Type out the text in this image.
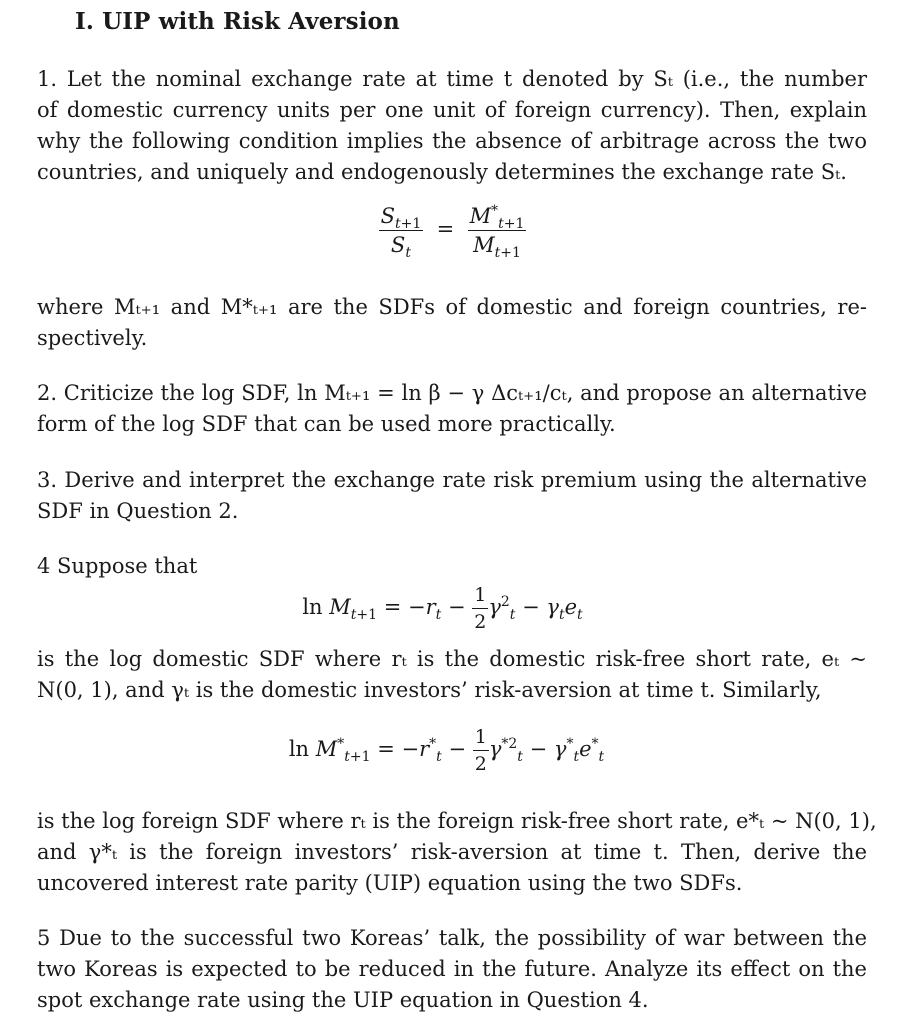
I. UIP with Risk Aversion
1. Let the nominal exchange rate at time t denoted by Sₜ (i.e., the number
of domestic currency units per one unit of foreign currency). Then, explain
why the following condition implies the absence of arbitrage across the two
countries, and uniquely and endogenously determines the exchange rate Sₜ.
$\frac{S_{t+1}}{S_t} = \frac{M^*_{t+1}}{M_{t+1}}$
where Mₜ₊₁ and M*ₜ₊₁ are the SDFs of domestic and foreign countries, re-
spectively.
2. Criticize the log SDF, ln Mₜ₊₁ = ln β − γ Δcₜ₊₁/cₜ, and propose an alternative
form of the log SDF that can be used more practically.
3. Derive and interpret the exchange rate risk premium using the alternative
SDF in Question 2.
4 Suppose that
$\ln M_{t+1} = -r_t - \frac{1}{2} \gamma^2_t - \gamma_te_t$
is the log domestic SDF where rₜ is the domestic risk-free short rate, eₜ ~
N(0, 1), and γₜ is the domestic investors’ risk-aversion at time t. Similarly,
$\ln M^*_{t+1} = -r^*_t - \frac{1}{2} \gamma^{*2}_t - \gamma^*_te^*_t$
is the log foreign SDF where rₜ is the foreign risk-free short rate, e*ₜ ~ N(0, 1),
and γ*ₜ is the foreign investors’ risk-aversion at time t. Then, derive the
uncovered interest rate parity (UIP) equation using the two SDFs.
5 Due to the successful two Koreas’ talk, the possibility of war between the
two Koreas is expected to be reduced in the future. Analyze its effect on the
spot exchange rate using the UIP equation in Question 4.
